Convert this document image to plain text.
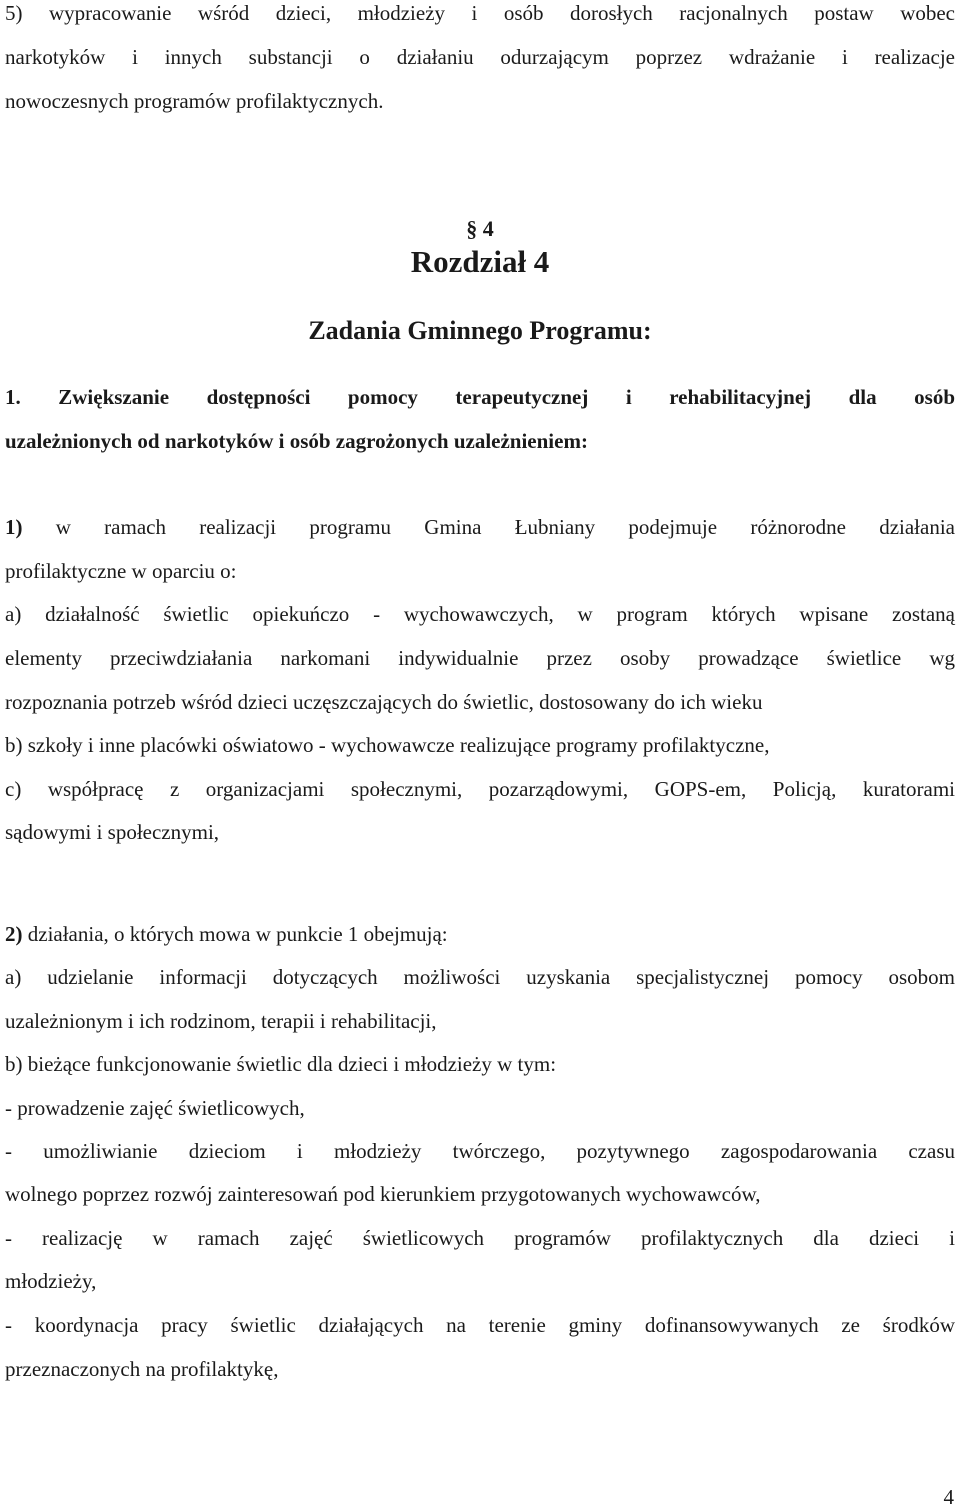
5) wypracowanie wśród dzieci, młodzieży i osób dorosłych racjonalnych postaw wobec
narkotyków i innych substancji o działaniu odurzającym poprzez wdrażanie i realizacje
nowoczesnych programów profilaktycznych.
§ 4
Rozdział 4
Zadania Gminnego Programu:
1. Zwiększanie dostępności pomocy terapeutycznej i rehabilitacyjnej dla osób
uzależnionych od narkotyków i osób zagrożonych uzależnieniem:
1) w ramach realizacji programu Gmina Łubniany podejmuje różnorodne działania
profilaktyczne w oparciu o:
a) działalność świetlic opiekuńczo - wychowawczych, w program których wpisane zostaną
elementy przeciwdziałania narkomani indywidualnie przez osoby prowadzące świetlice wg
rozpoznania potrzeb wśród dzieci uczęszczających do świetlic, dostosowany do ich wieku
b) szkoły i inne placówki oświatowo - wychowawcze realizujące programy profilaktyczne,
c) współpracę z organizacjami społecznymi, pozarządowymi, GOPS-em, Policją, kuratorami
sądowymi i społecznymi,
2) działania, o których mowa w punkcie 1 obejmują:
a) udzielanie informacji dotyczących możliwości uzyskania specjalistycznej pomocy osobom
uzależnionym i ich rodzinom, terapii i rehabilitacji,
b) bieżące funkcjonowanie świetlic dla dzieci i młodzieży w tym:
- prowadzenie zajęć świetlicowych,
- umożliwianie dzieciom i młodzieży twórczego, pozytywnego zagospodarowania czasu
wolnego poprzez rozwój zainteresowań pod kierunkiem przygotowanych wychowawców,
- realizację w ramach zajęć świetlicowych programów profilaktycznych dla dzieci i
młodzieży,
- koordynacja pracy świetlic działających na terenie gminy dofinansowywanych ze środków
przeznaczonych na profilaktykę,
4
